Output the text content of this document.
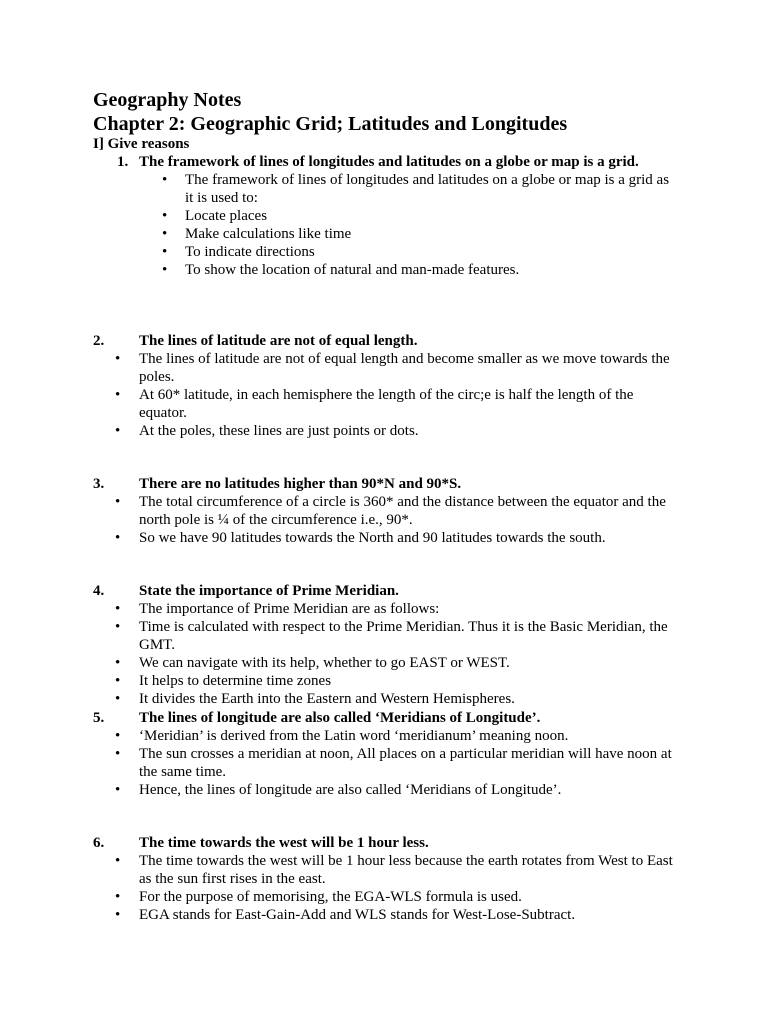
Geography Notes
Chapter 2: Geographic Grid; Latitudes and Longitudes
I] Give reasons
1. The framework of lines of longitudes and latitudes on a globe or map is a grid.
• The framework of lines of longitudes and latitudes on a globe or map is a grid as it is used to:
• Locate places
• Make calculations like time
• To indicate directions
• To show the location of natural and man-made features.
2. The lines of latitude are not of equal length.
• The lines of latitude are not of equal length and become smaller as we move towards the poles.
• At 60* latitude, in each hemisphere the length of the circ;e is half the length of the equator.
• At the poles, these lines are just points or dots.
3. There are no latitudes higher than 90*N and 90*S.
• The total circumference of a circle is 360* and the distance between the equator and the north pole is ¼ of the circumference i.e., 90*.
• So we have 90 latitudes towards the North and 90 latitudes towards the south.
4. State the importance of Prime Meridian.
• The importance of Prime Meridian are as follows:
• Time is calculated with respect to the Prime Meridian. Thus it is the Basic Meridian, the GMT.
• We can navigate with its help, whether to go EAST or WEST.
• It helps to determine time zones
• It divides the Earth into the Eastern and Western Hemispheres.
5. The lines of longitude are also called ‘Meridians of Longitude’.
• ‘Meridian’ is derived from the Latin word ‘meridianum’ meaning noon.
• The sun crosses a meridian at noon, All places on a particular meridian will have noon at the same time.
• Hence, the lines of longitude are also called ‘Meridians of Longitude’.
6. The time towards the west will be 1 hour less.
• The time towards the west will be 1 hour less because the earth rotates from West to East as the sun first rises in the east.
• For the purpose of memorising, the EGA-WLS formula is used.
• EGA stands for East-Gain-Add and WLS stands for West-Lose-Subtract.
